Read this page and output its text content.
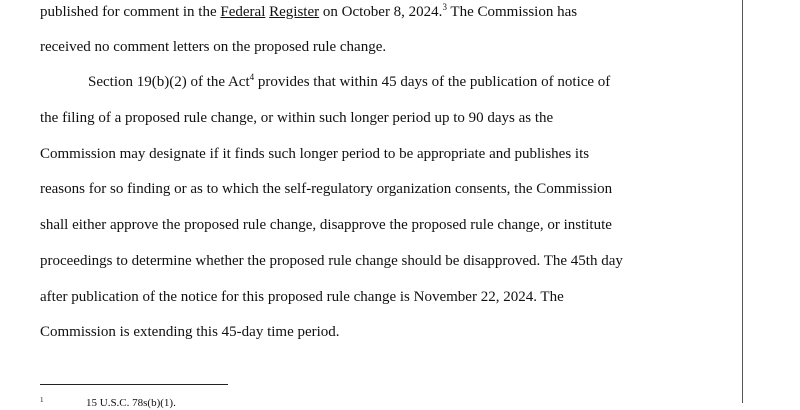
published for comment in the Federal Register on October 8, 2024.$^3$ The Commission has
received no comment letters on the proposed rule change.
Section 19(b)(2) of the Act$^4$ provides that within 45 days of the publication of notice of
the filing of a proposed rule change, or within such longer period up to 90 days as the
Commission may designate if it finds such longer period to be appropriate and publishes its
reasons for so finding or as to which the self-regulatory organization consents, the Commission
shall either approve the proposed rule change, disapprove the proposed rule change, or institute
proceedings to determine whether the proposed rule change should be disapproved. The 45th day
after publication of the notice for this proposed rule change is November 22, 2024. The
Commission is extending this 45-day time period.
1	15 U.S.C. 78s(b)(1).
